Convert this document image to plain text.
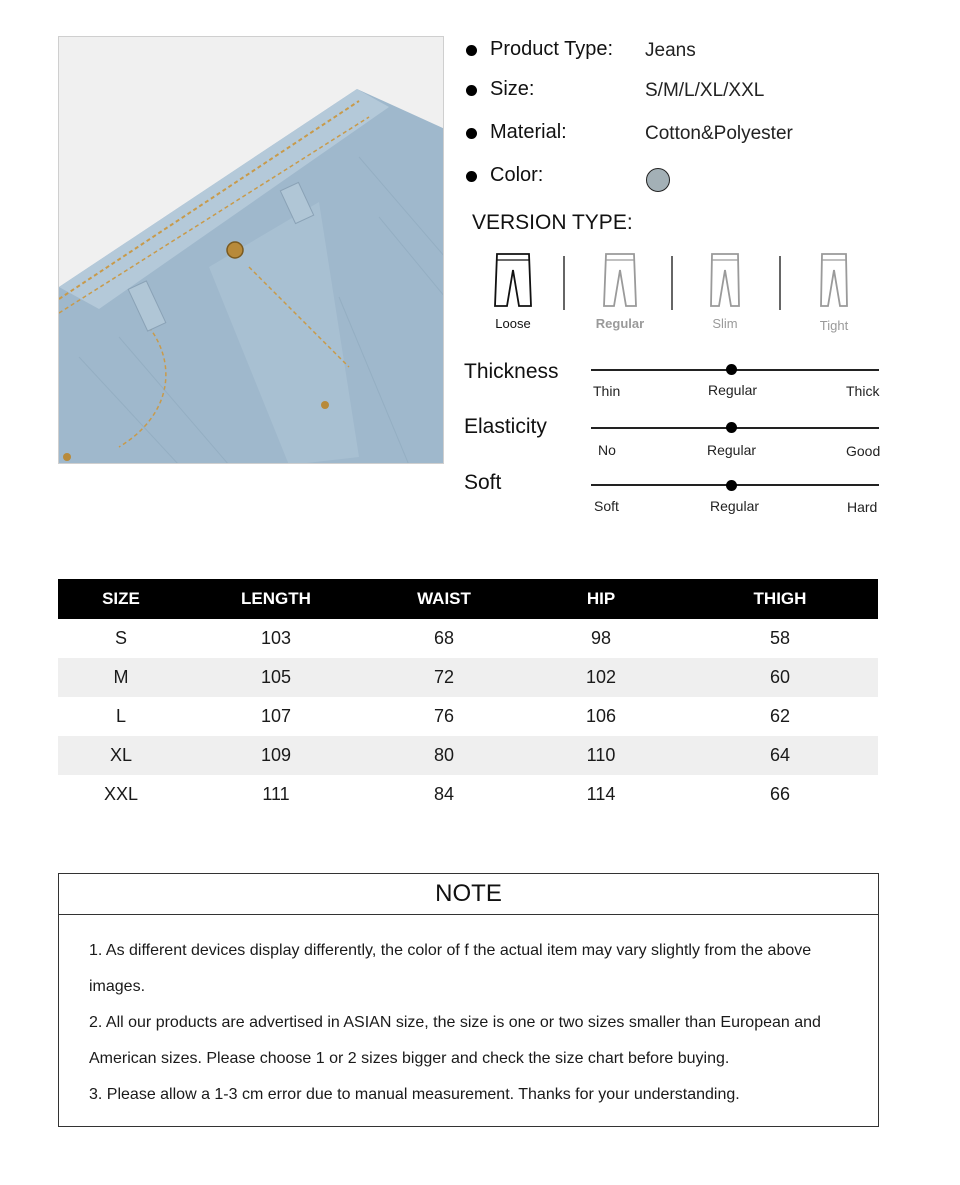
Product Type: Jeans
Size:	S/M/L/XL/XXL
Material:	Cotton&Polyester
Color:
VERSION TYPE:
Loose	Regular	Slim	Tight
Thickness
Thin	Regular	Thick
Elasticity
No	Regular	Good
Soft
Soft	Regular	Hard
SIZE	LENGTH	WAIST	HIP	THIGH
S	103	68	98	58
M	105	72	102	60
L	107	76	106	62
XL	109	80	110	64
XXL	111	84	114	66
NOTE

1. As different devices display differently, the color of f the actual item may vary slightly from the above

images.

2. All our products are advertised in ASIAN size, the size is one or two sizes smaller than European and

American sizes. Please choose 1 or 2 sizes bigger and check the size chart before buying.

3. Please allow a 1-3 cm error due to manual measurement. Thanks for your understanding.
